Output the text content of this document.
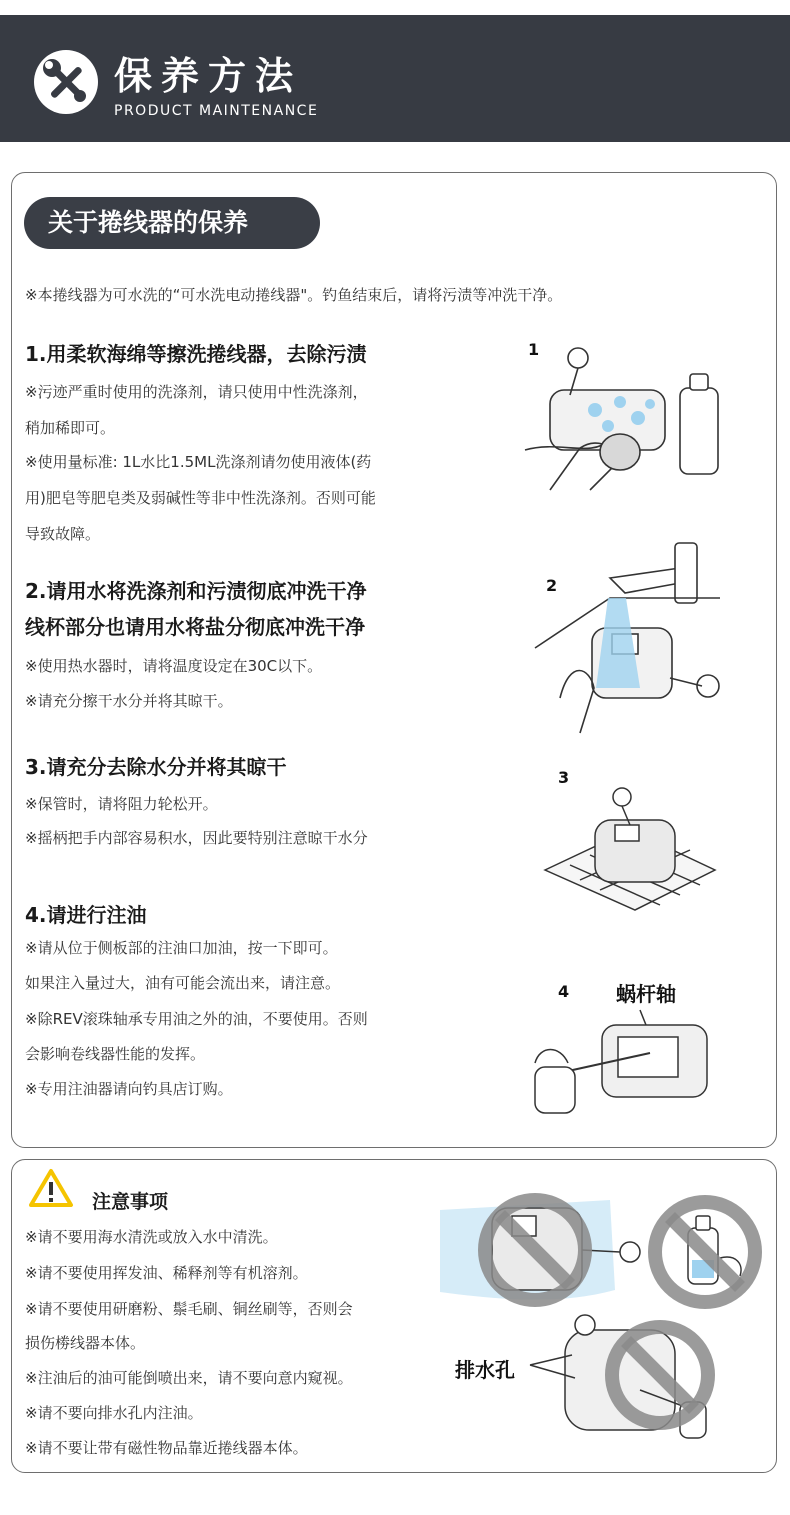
保养方法
PRODUCT MAINTENANCE
关于捲线器的保养
※本捲线器为可水洗的“可水洗电动捲线器"。钓鱼结束后，请将污渍等冲洗干净。
1.用柔软海绵等擦洗捲线器，去除污渍
※污迹严重时使用的洗涤剂，请只使用中性洗涤剂，
稍加稀即可。
※使用量标准: 1L水比1.5ML洗涤剂请勿使用液体(药
用)肥皂等肥皂类及弱碱性等非中性洗涤剂。否则可能
导致故障。
1
2.请用水将洗涤剂和污渍彻底冲洗干净
线杯部分也请用水将盐分彻底冲洗干净
※使用热水器时，请将温度设定在30C以下。
※请充分擦干水分并将其晾干。
2
3.请充分去除水分并将其晾干
※保管时，请将阻力轮松开。
※摇柄把手内部容易积水，因此要特别注意晾干水分
3
4.请进行注油
※请从位于侧板部的注油口加油，按一下即可。
如果注入量过大，油有可能会流出来，请注意。
※除REV滚珠轴承专用油之外的油，不要使用。否则
会影响卷线器性能的发挥。
※专用注油器请向钓具店订购。
4 蜗杆轴
注意事项
※请不要用海水清洗或放入水中清洗。
※请不要使用挥发油、稀释剂等有机溶剂。
※请不要使用研磨粉、鬃毛刷、铜丝刷等，否则会
损伤椦线器本体。
※注油后的油可能倒喷出来，请不要向意内窥视。
※请不要向排水孔内注油。
※请不要让带有磁性物品靠近捲线器本体。
排水孔
